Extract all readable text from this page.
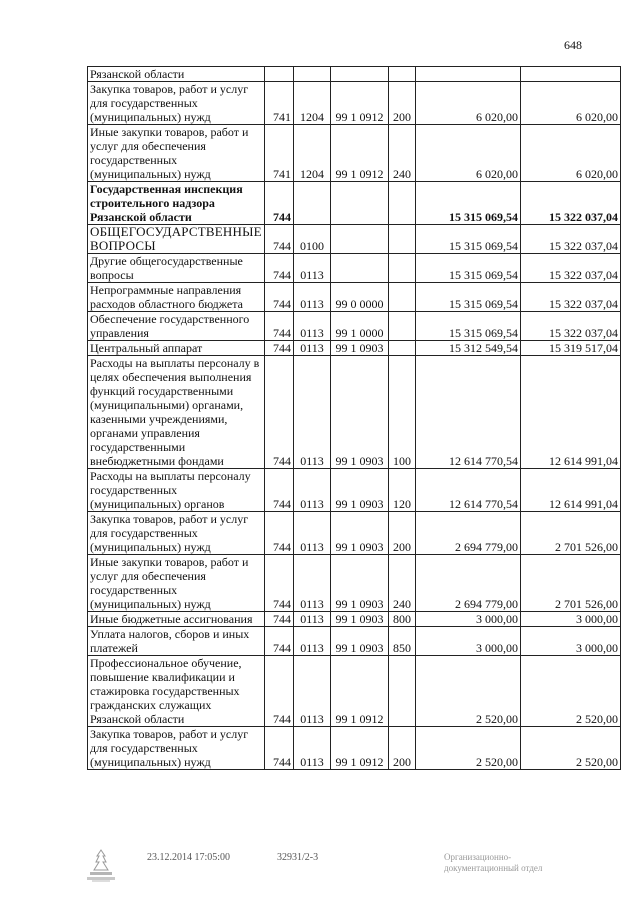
648
Рязанской области						
Закупка товаров, работ и услуг для государственных (муниципальных) нужд	741	1204	99 1 0912	200	6 020,00	6 020,00
Иные закупки товаров, работ и услуг для обеспечения государственных (муниципальных) нужд	741	1204	99 1 0912	240	6 020,00	6 020,00
Государственная инспекция строительного надзора Рязанской области	744				15 315 069,54	15 322 037,04
ОБЩЕГОСУДАРСТВЕННЫЕ ВОПРОСЫ	744	0100			15 315 069,54	15 322 037,04
Другие общегосударственные вопросы	744	0113			15 315 069,54	15 322 037,04
Непрограммные направления расходов областного бюджета	744	0113	99 0 0000		15 315 069,54	15 322 037,04
Обеспечение государственного управления	744	0113	99 1 0000		15 315 069,54	15 322 037,04
Центральный аппарат	744	0113	99 1 0903		15 312 549,54	15 319 517,04
Расходы на выплаты персоналу в целях обеспечения выполнения функций государственными (муниципальными) органами, казенными учреждениями, органами управления государственными внебюджетными фондами	744	0113	99 1 0903	100	12 614 770,54	12 614 991,04
Расходы на выплаты персоналу государственных (муниципальных) органов	744	0113	99 1 0903	120	12 614 770,54	12 614 991,04
Закупка товаров, работ и услуг для государственных (муниципальных) нужд	744	0113	99 1 0903	200	2 694 779,00	2 701 526,00
Иные закупки товаров, работ и услуг для обеспечения государственных (муниципальных) нужд	744	0113	99 1 0903	240	2 694 779,00	2 701 526,00
Иные бюджетные ассигнования	744	0113	99 1 0903	800	3 000,00	3 000,00
Уплата налогов, сборов и иных платежей	744	0113	99 1 0903	850	3 000,00	3 000,00
Профессиональное обучение, повышение квалификации и стажировка государственных гражданских служащих Рязанской области	744	0113	99 1 0912		2 520,00	2 520,00
Закупка товаров, работ и услуг для государственных (муниципальных) нужд	744	0113	99 1 0912	200	2 520,00	2 520,00
23.12.2014 17:05:00	32931/2-3	Организационно-документационный отдел
